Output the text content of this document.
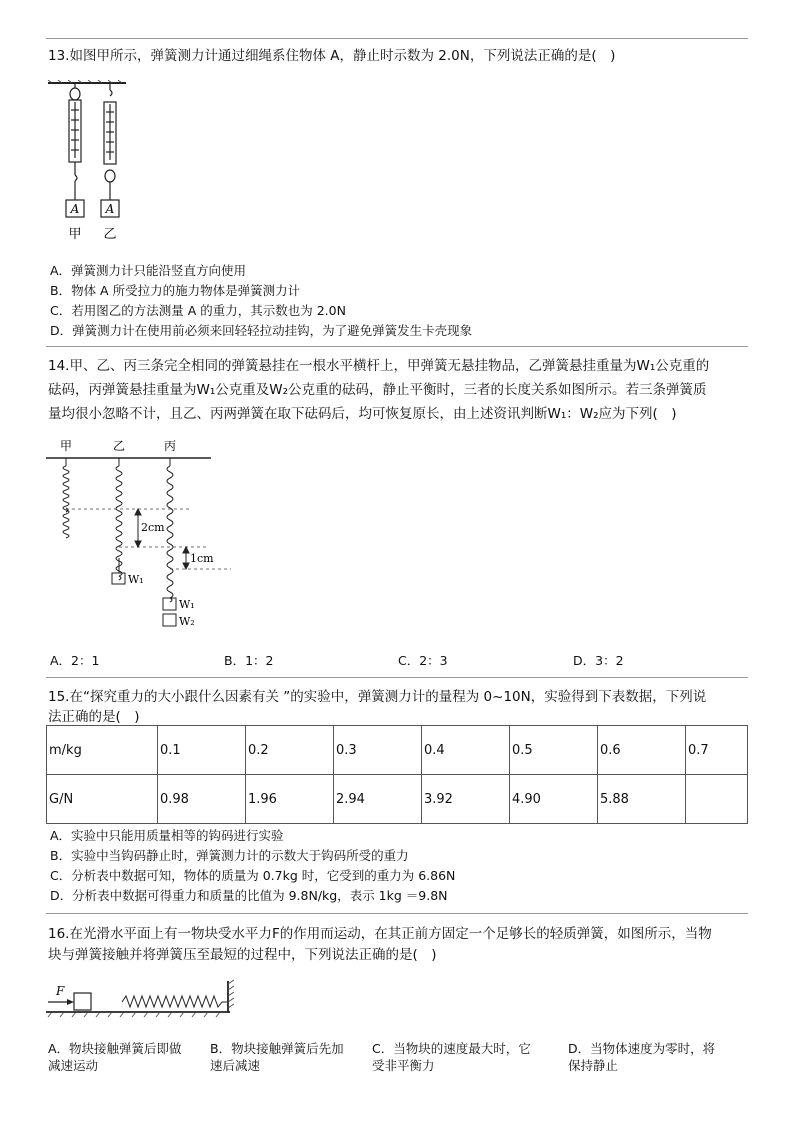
13.如图甲所示，弹簧测力计通过细绳系住物体 A，静止时示数为 2.0N，下列说法正确的是(　)
A A
甲 乙
A．弹簧测力计只能沿竖直方向使用
B．物体 A 所受拉力的施力物体是弹簧测力计
C．若用图乙的方法测量 A 的重力，其示数也为 2.0N
D．弹簧测力计在使用前必须来回轻轻拉动挂钩，为了避免弹簧发生卡壳现象
14.甲、乙、丙三条完全相同的弹簧悬挂在一根水平横杆上，甲弹簧无悬挂物品，乙弹簧悬挂重量为W₁公克重的
砝码，丙弹簧悬挂重量为W₁公克重及W₂公克重的砝码，静止平衡时，三者的长度关系如图所示。若三条弹簧质
量均很小忽略不计，且乙、丙两弹簧在取下砝码后，均可恢复原长，由上述资讯判断W₁：W₂应为下列(　)
甲	乙	丙
2cm
1cm
W₁
W₁
W₂
A．2：1	B．1：2	C．2：3	D．3：2
15.在“探究重力的大小跟什么因素有关 ”的实验中，弹簧测力计的量程为 0~10N，实验得到下表数据，下列说
法正确的是(　)
m/kg	0.1	0.2	0.3	0.4	0.5	0.6	0.7
G/N	0.98	1.96	2.94	3.92	4.90	5.88	
A．实验中只能用质量相等的钩码进行实验
B．实验中当钩码静止时，弹簧测力计的示数大于钩码所受的重力
C．分析表中数据可知，物体的质量为 0.7kg 时，它受到的重力为 6.86N
D．分析表中数据可得重力和质量的比值为 9.8N/kg，表示 1kg ＝9.8N
16.在光滑水平面上有一物块受水平力F的作用而运动，在其正前方固定一个足够长的轻质弹簧，如图所示，当物
块与弹簧接触并将弹簧压至最短的过程中，下列说法正确的是(　)
F
A．物块接触弹簧后即做
减速运动
B．物块接触弹簧后先加
速后减速
C．当物块的速度最大时，它
受非平衡力
D．当物体速度为零时，将
保持静止
